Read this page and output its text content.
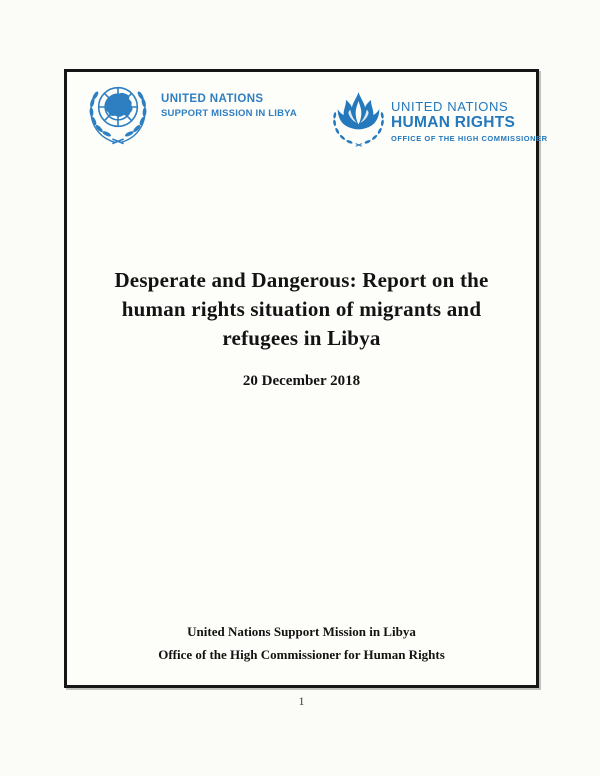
UNITED NATIONS
SUPPORT MISSION IN LIBYA	UNITED NATIONS
HUMAN RIGHTS
OFFICE OF THE HIGH COMMISSIONER
Desperate and Dangerous: Report on the
human rights situation of migrants and
refugees in Libya
20 December 2018
United Nations Support Mission in Libya
Office of the High Commissioner for Human Rights
1
